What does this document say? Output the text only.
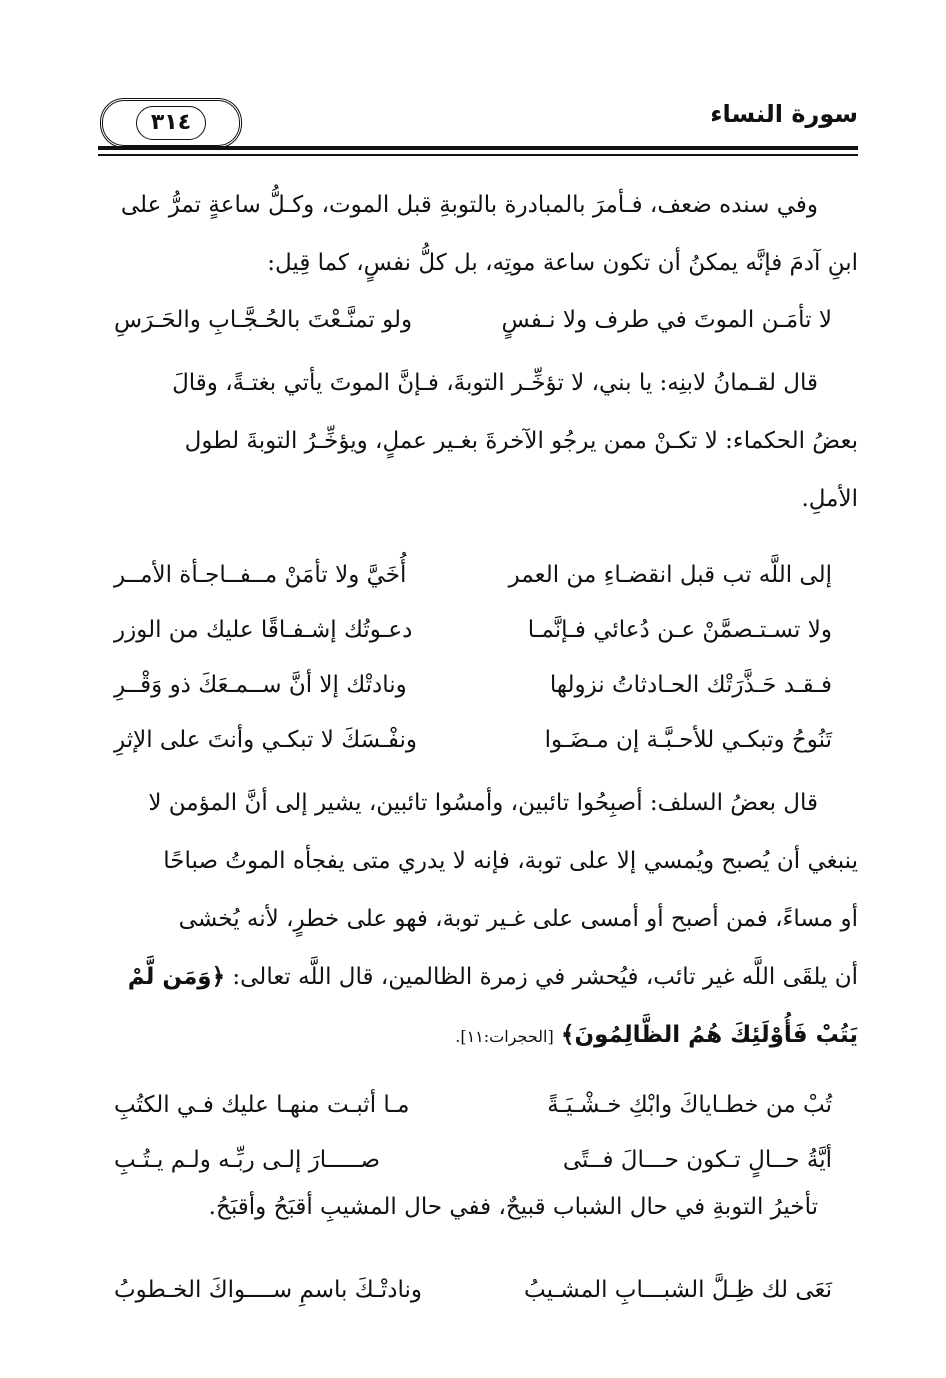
سورة النساء
٣١٤
وفي سنده ضعف، فـأمرَ بالمبادرة بالتوبةِ قبل الموت، وكـلُّ ساعةٍ تمرُّ على
ابنِ آدمَ فإنَّه يمكنُ أن تكون ساعة موتِه، بل كلُّ نفسٍ، كما قِيل:
لا تأمَـن الموتَ في طرف ولا نـفسٍ
ولو تمنَّـعْتَ بالحُـجَّـابِ والحَـرَسِ
قال لقـمانُ لابنِه: يا بني، لا تؤخِّـر التوبةَ، فـإنَّ الموتَ يأتي بغتـةً، وقالَ
بعضُ الحكماء: لا تكـنْ ممن يرجُو الآخرةَ بغـير عملٍ، ويؤخِّـرُ التوبةَ لطول
الأملِ.
إلى اللَّه تب قبل انقضـاءِ من العمر
أُخَيَّ ولا تأمَنْ مــفــاجـأة الأمــر
ولا تسـتـصمَّنْ عـن دُعائي فـإنَّمـا
دعـوتُك إشـفـاقًا عليك من الوزر
فـقـد حَـذَّرَتْك الحـادثاتُ نزولها
ونادتْك إلا أنَّ ســمـعَكَ ذو وَقْــرِ
تَنُوحُ وتبكـي للأحـبَّـة إن مـضَـوا
ونفْـسَكَ لا تبكـي وأنتَ على الإثرِ
قال بعضُ السلف: أصبِحُوا تائبين، وأمسُوا تائبين، يشير إلى أنَّ المؤمن لا
ينبغي أن يُصبح ويُمسي إلا على توبة، فإنه لا يدري متى يفجأه الموتُ صباحًا
أو مساءً، فمن أصبح أو أمسى على غـير توبة، فهو على خطرٍ، لأنه يُخشى
أن يلقَى اللَّه غير تائب، فيُحشر في زمرة الظالمين، قال اللَّه تعالى: ﴿وَمَن لَّمْ
يَتُبْ فَأُوْلَئِكَ هُمُ الظَّالِمُونَ﴾ [الحجرات:١١].
تُبْ من خطـاياكَ وابْكِ خـشْـيَـةً
مـا أثبـت منهـا عليك فـي الكتُبِ
أيَّةُ حــالٍ تـكون حـــالَ فــتًى
صـــــارَ إلـى ربِّـه ولـم يـتُـبِ
تأخيرُ التوبةِ في حال الشباب قبيحٌ، ففي حال المشيبِ أقبَحُ وأقبَحُ.
نَعَى لك ظِـلَّ الشبـــابِ المشـيبُ
ونادتْـكَ باسمِ ســــواكَ الخـطوبُ
